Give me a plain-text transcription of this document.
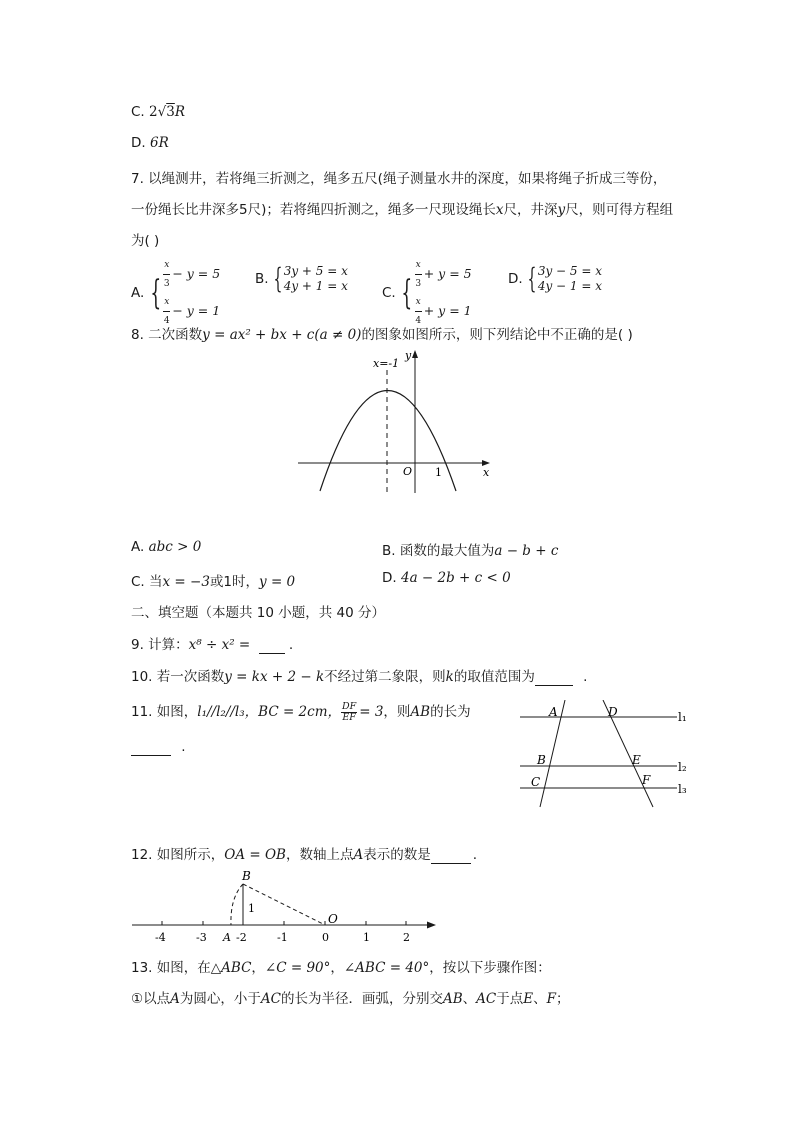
C. 2√3R
D. 6R
7. 以绳测井，若将绳三折测之，绳多五尺(绳子测量水井的深度，如果将绳子折成三等份，
一份绳长比井深多5尺)；若将绳四折测之，绳多一尺现设绳长x尺，井深y尺，则可得方程组
为( )
A. { $\frac{x}{3} - y = 5$
$\frac{x}{4} - y = 1$
B. { 3y + 5 = x
4y + 1 = x	C. { $\frac{x}{3} + y = 5$
$\frac{x}{4} + y = 1$
D. { 3y − 5 = x
4y − 1 = x
8. 二次函数y = ax² + bx + c(a ≠ 0)的图象如图所示，则下列结论中不正确的是( )
x=-1
y
x
O 1
A. abc > 0	B. 函数的最大值为a − b + c
C. 当x = −3或1时，y = 0	D. 4a − 2b + c < 0
二、填空题（本题共 10 小题，共 40 分）
9. 计算：x⁸ ÷ x² =	.
10. 若一次函数y = kx + 2 − k不经过第二象限，则k的取值范围为	.
11. 如图，l₁//l₂//l₃，BC = 2cm， $\frac{DF}{EF} = 3$，则AB的长为
.
A	D
B	E
C	F
l₁
l₂
l₃
12. 如图所示，OA = OB，数轴上点A表示的数是	.
-4	-3 A -2	-1	0	1	2
B
O
1
13. 如图，在△ABC，∠C = 90°，∠ABC = 40°，按以下步骤作图：
①以点A为圆心，小于AC的长为半径．画弧，分别交AB、AC于点E、F；
